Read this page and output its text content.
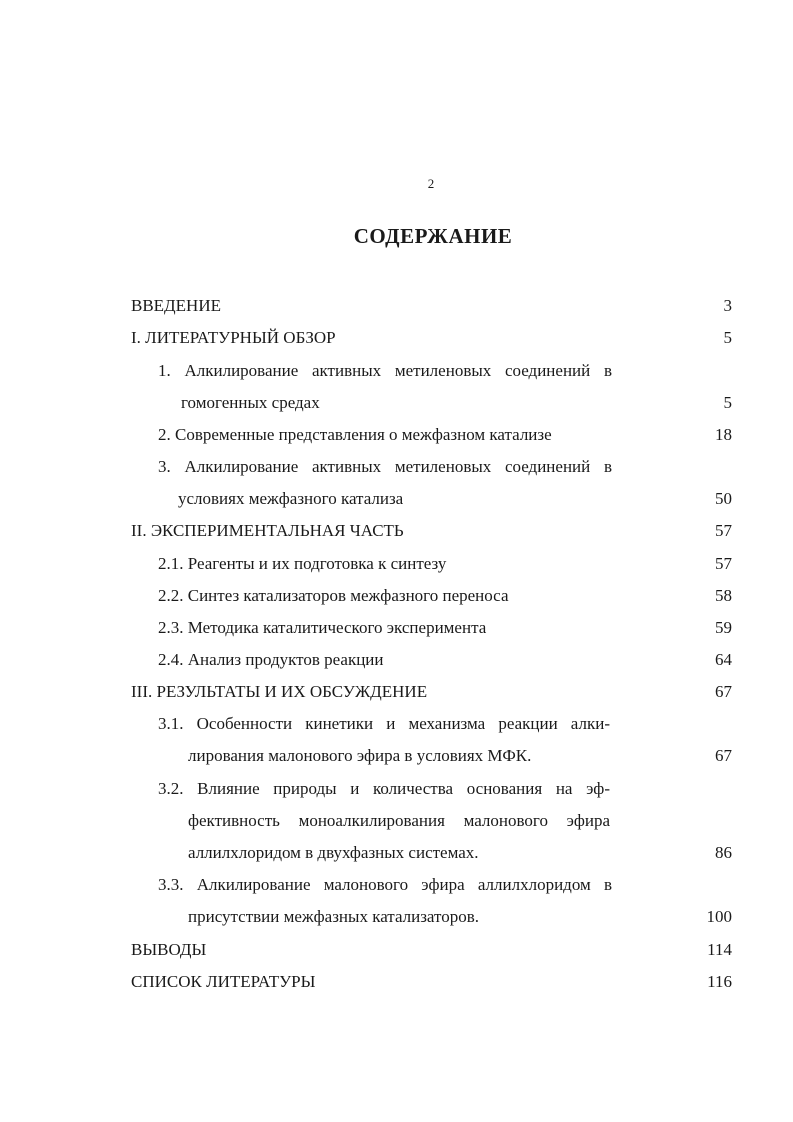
2
СОДЕРЖАНИЕ
ВВЕДЕНИЕ	3
I. ЛИТЕРАТУРНЫЙ ОБЗОР	5
1. Алкилирование активных метиленовых соединений в
гомогенных средах	5
2. Современные представления о межфазном катализе	18
3. Алкилирование активных метиленовых соединений в
условиях межфазного катализа	50
II. ЭКСПЕРИМЕНТАЛЬНАЯ ЧАСТЬ	57
2.1. Реагенты и их подготовка к синтезу	57
2.2. Синтез катализаторов межфазного переноса	58
2.3. Методика каталитического эксперимента	59
2.4. Анализ продуктов реакции	64
III. РЕЗУЛЬТАТЫ И ИХ ОБСУЖДЕНИЕ	67
3.1. Особенности кинетики и механизма реакции алки-
лирования малонового эфира в условиях МФК.	67
3.2. Влияние природы и количества основания на эф-
фективность моноалкилирования малонового эфира
аллилхлоридом в двухфазных системах.	86
3.3. Алкилирование малонового эфира аллилхлоридом в
присутствии межфазных катализаторов.	100
ВЫВОДЫ	114
СПИСОК ЛИТЕРАТУРЫ	116
